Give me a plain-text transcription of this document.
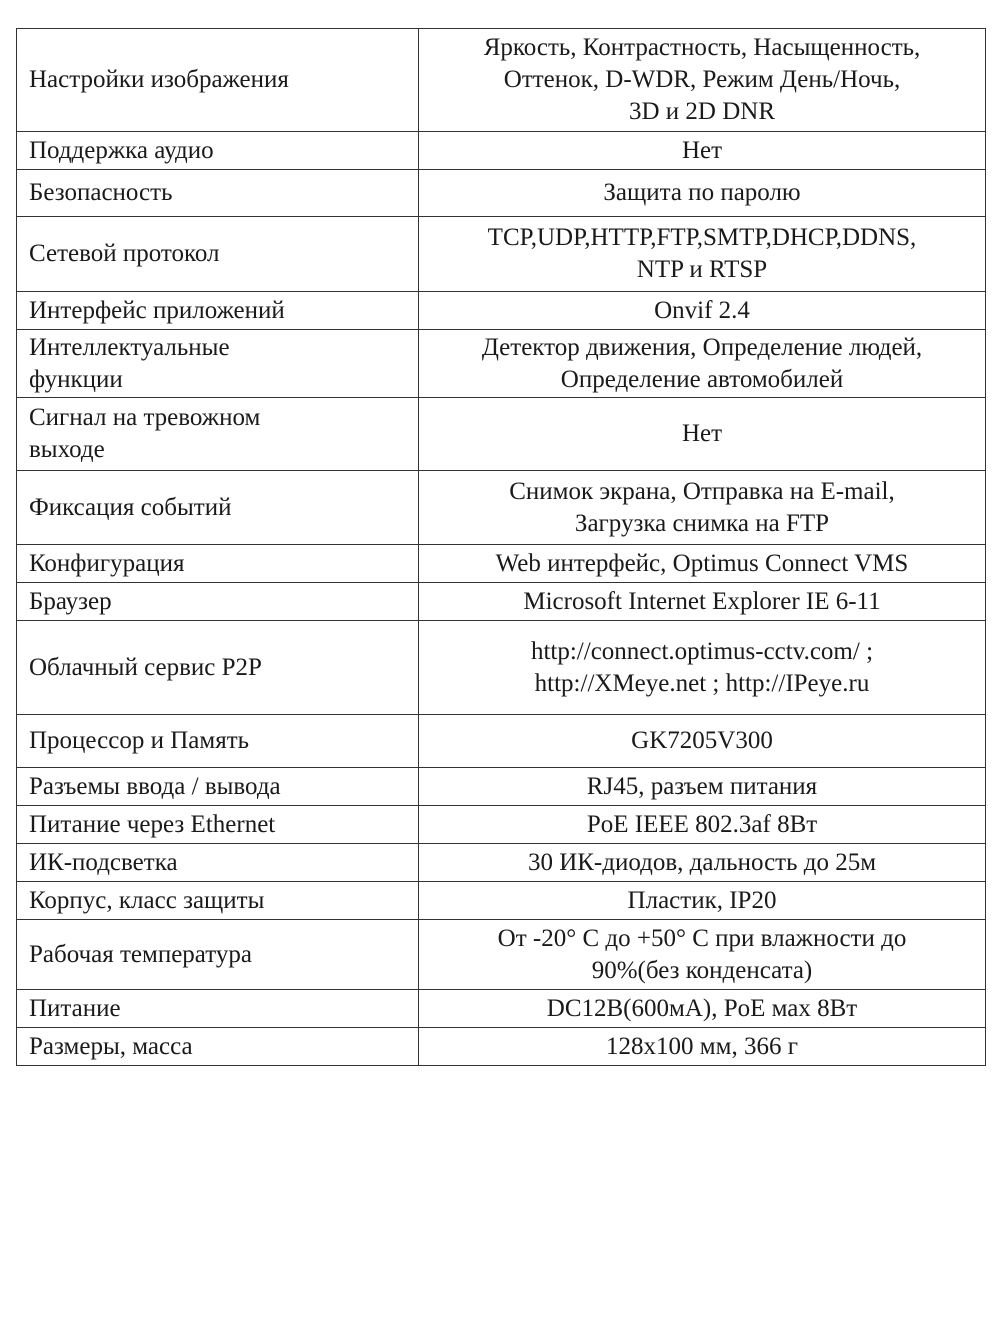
Настройки изображения	Яркость, Контрастность, Насыщенность,
Оттенок, D-WDR, Режим День/Ночь,
3D и 2D DNR
Поддержка аудио	Нет
Безопасность	Защита по паролю
Сетевой протокол	TCP,UDP,HTTP,FTP,SMTP,DHCP,DDNS,
NTP и RTSP
Интерфейс приложений	Onvif 2.4
Интеллектуальные
функции	Детектор движения, Определение людей,
Определение автомобилей
Сигнал на тревожном
выходе	Нет
Фиксация событий	Снимок экрана, Отправка на E-mail,
Загрузка снимка на FTP
Конфигурация	Web интерфейс, Optimus Connect VMS
Браузер	Microsoft Internet Explorer IE 6-11
Облачный сервис P2P	http://connect.optimus-cctv.com/ ;
http://XMeye.net ; http://IPeye.ru
Процессор и Память	GK7205V300
Разъемы ввода / вывода	RJ45, разъем питания
Питание через Ethernet	PoE IEEE 802.3af 8Вт
ИК-подсветка	30 ИК-диодов, дальность до 25м
Корпус, класс защиты	Пластик, IP20
Рабочая температура	От -20° С до +50° С при влажности до
90%(без конденсата)
Питание	DC12B(600мА), PoE мах 8Вт
Размеры, масса	128х100 мм, 366 г
